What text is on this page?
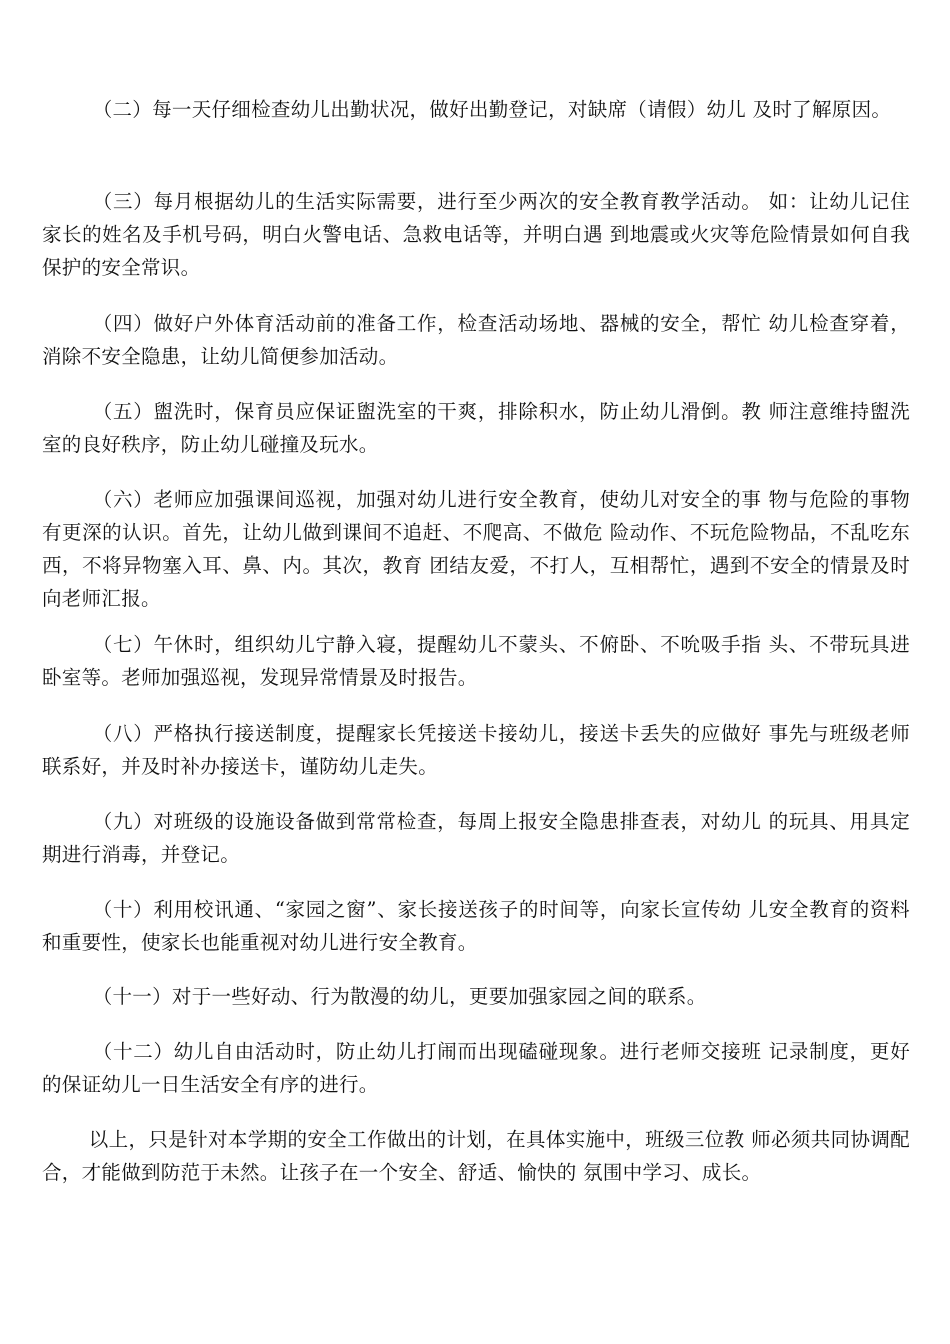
（二）每一天仔细检查幼儿出勤状况，做好出勤登记，对缺席（请假）幼儿 及时了解原因。

（三）每月根据幼儿的生活实际需要，进行至少两次的安全教育教学活动。 如：让幼儿记住家长的姓名及手机号码，明白火警电话、急救电话等，并明白遇 到地震或火灾等危险情景如何自我保护的安全常识。

（四）做好户外体育活动前的准备工作，检查活动场地、器械的安全，帮忙 幼儿检查穿着，消除不安全隐患，让幼儿简便参加活动。

（五）盥洗时，保育员应保证盥洗室的干爽，排除积水，防止幼儿滑倒。教 师注意维持盥洗室的良好秩序，防止幼儿碰撞及玩水。

（六）老师应加强课间巡视，加强对幼儿进行安全教育，使幼儿对安全的事 物与危险的事物有更深的认识。首先，让幼儿做到课间不追赶、不爬高、不做危 险动作、不玩危险物品，不乱吃东西，不将异物塞入耳、鼻、内。其次，教育 团结友爱，不打人，互相帮忙，遇到不安全的情景及时向老师汇报。

（七）午休时，组织幼儿宁静入寝，提醒幼儿不蒙头、不俯卧、不吮吸手指 头、不带玩具进卧室等。老师加强巡视，发现异常情景及时报告。

（八）严格执行接送制度，提醒家长凭接送卡接幼儿，接送卡丢失的应做好 事先与班级老师联系好，并及时补办接送卡，谨防幼儿走失。

（九）对班级的设施设备做到常常检查，每周上报安全隐患排查表，对幼儿 的玩具、用具定期进行消毒，并登记。

（十）利用校讯通、“家园之窗”、家长接送孩子的时间等，向家长宣传幼 儿安全教育的资料和重要性，使家长也能重视对幼儿进行安全教育。

（十一）对于一些好动、行为散漫的幼儿，更要加强家园之间的联系。

（十二）幼儿自由活动时，防止幼儿打闹而出现磕碰现象。进行老师交接班 记录制度，更好的保证幼儿一日生活安全有序的进行。

以上，只是针对本学期的安全工作做出的计划，在具体实施中，班级三位教 师必须共同协调配合，才能做到防范于未然。让孩子在一个安全、舒适、愉快的 氛围中学习、成长。
